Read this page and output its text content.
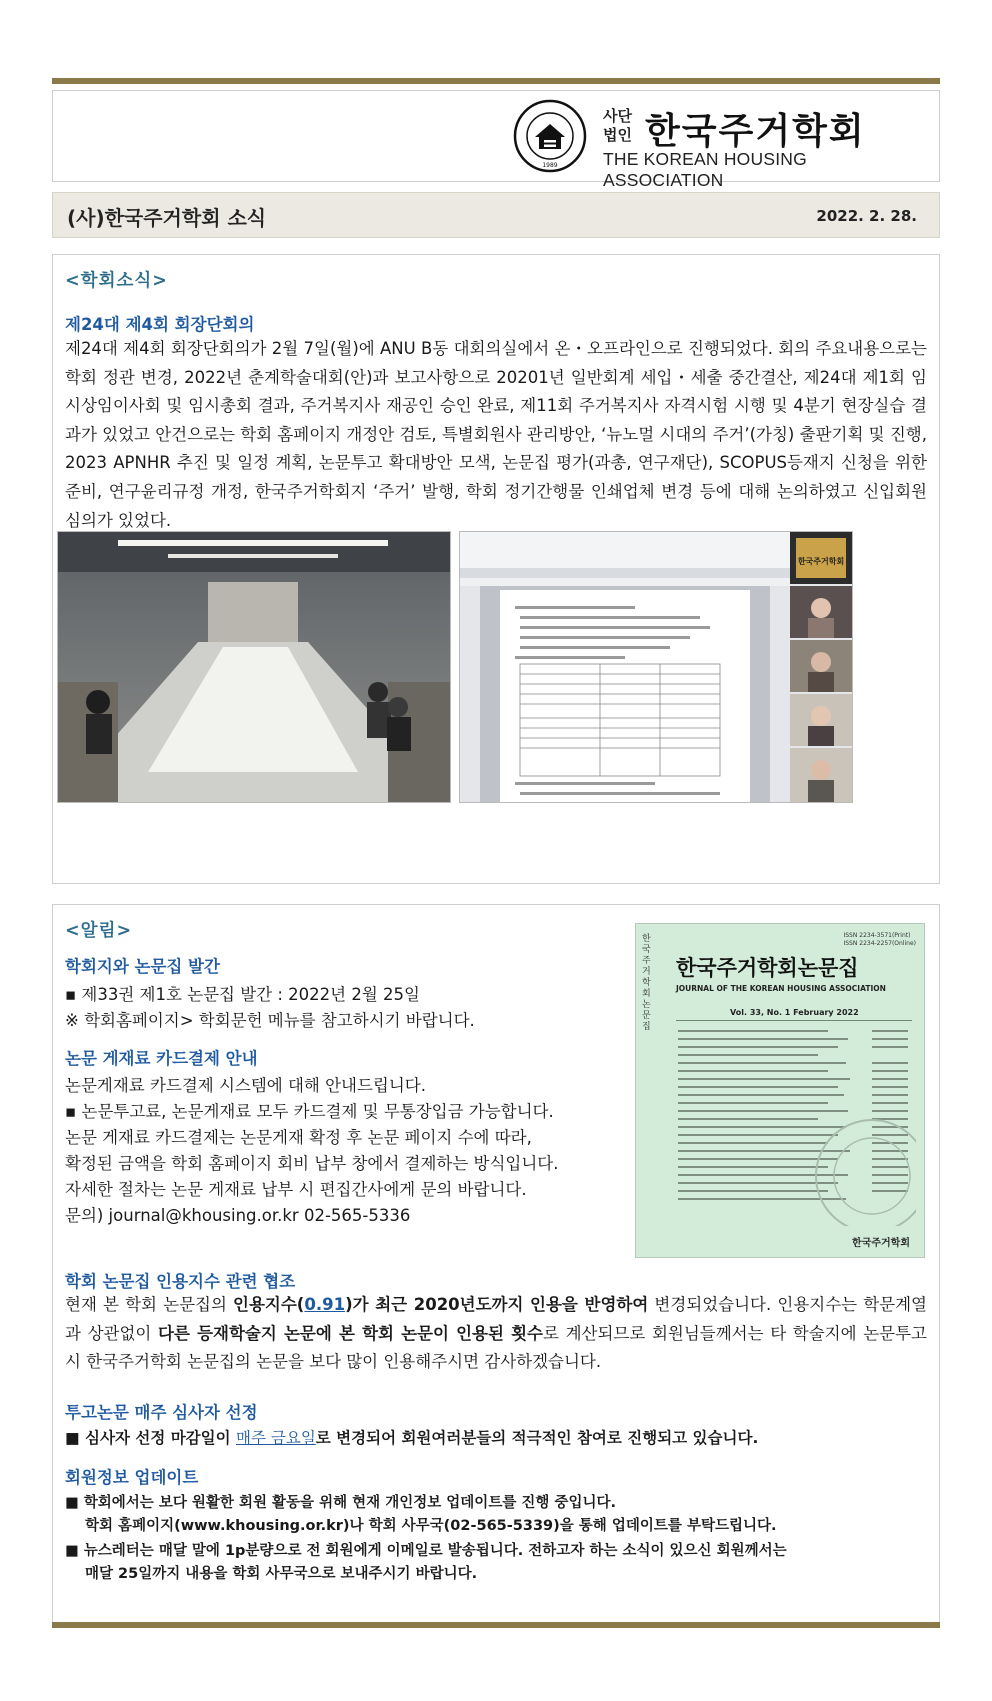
1989
사단
법인 한국주거학회
THE KOREAN HOUSING ASSOCIATION
(사)한국주거학회 소식	2022. 2. 28.
<학회소식>
제24대 제4회 회장단회의
제24대 제4회 회장단회의가 2월 7일(월)에 ANU B동 대회의실에서 온・오프라인으로 진행되었다. 회의 주요내용으로는 학회 정관 변경, 2022년 춘계학술대회(안)과 보고사항으로 20201년 일반회계 세입・세출 중간결산, 제24대 제1회 임시상임이사회 및 임시총회 결과, 주거복지사 재공인 승인 완료, 제11회 주거복지사 자격시험 시행 및 4분기 현장실습 결과가 있었고 안건으로는 학회 홈페이지 개정안 검토, 특별회원사 관리방안, ‘뉴노멀 시대의 주거’(가칭) 출판기획 및 진행, 2023 APNHR 추진 및 일정 계획, 논문투고 확대방안 모색, 논문집 평가(과총, 연구재단), SCOPUS등재지 신청을 위한 준비, 연구윤리규정 개정, 한국주거학회지 ‘주거’ 발행, 학회 정기간행물 인쇄업체 변경 등에 대해 논의하였고 신입회원 심의가 있었다.
한국주거학회
<알림>
학회지와 논문집 발간
▪ 제33권 제1호 논문집 발간 : 2022년 2월 25일
※ 학회홈페이지> 학회문헌 메뉴를 참고하시기 바랍니다.
논문 게재료 카드결제 안내
논문게재료 카드결제 시스템에 대해 안내드립니다.
▪ 논문투고료, 논문게재료 모두 카드결제 및 무통장입금 가능합니다.
논문 게재료 카드결제는 논문게재 확정 후 논문 페이지 수에 따라,
확정된 금액을 학회 홈페이지 회비 납부 창에서 결제하는 방식입니다.
자세한 절차는 논문 게재료 납부 시 편집간사에게 문의 바랍니다.
문의) journal@khousing.or.kr 02-565-5336
ISSN 2234-3571(Print)
ISSN 2234-2257(Online)
한국주거학회 논문집
한국주거학회논문집
JOURNAL OF THE KOREAN HOUSING ASSOCIATION
Vol. 33, No. 1 February 2022
한국주거학회
학회 논문집 인용지수 관련 협조
현재 본 학회 논문집의 인용지수(0.91)가 최근 2020년도까지 인용을 반영하여 변경되었습니다. 인용지수는 학문계열과 상관없이 다른 등재학술지 논문에 본 학회 논문이 인용된 횟수로 계산되므로 회원님들께서는 타 학술지에 논문투고 시 한국주거학회 논문집의 논문을 보다 많이 인용해주시면 감사하겠습니다.
투고논문 매주 심사자 선정
■ 심사자 선정 마감일이 매주 금요일로 변경되어 회원여러분들의 적극적인 참여로 진행되고 있습니다.
회원정보 업데이트
■ 학회에서는 보다 원활한 회원 활동을 위해 현재 개인정보 업데이트를 진행 중입니다.
학회 홈페이지(www.khousing.or.kr)나 학회 사무국(02-565-5339)을 통해 업데이트를 부탁드립니다.
■ 뉴스레터는 매달 말에 1p분량으로 전 회원에게 이메일로 발송됩니다. 전하고자 하는 소식이 있으신 회원께서는
매달 25일까지 내용을 학회 사무국으로 보내주시기 바랍니다.
